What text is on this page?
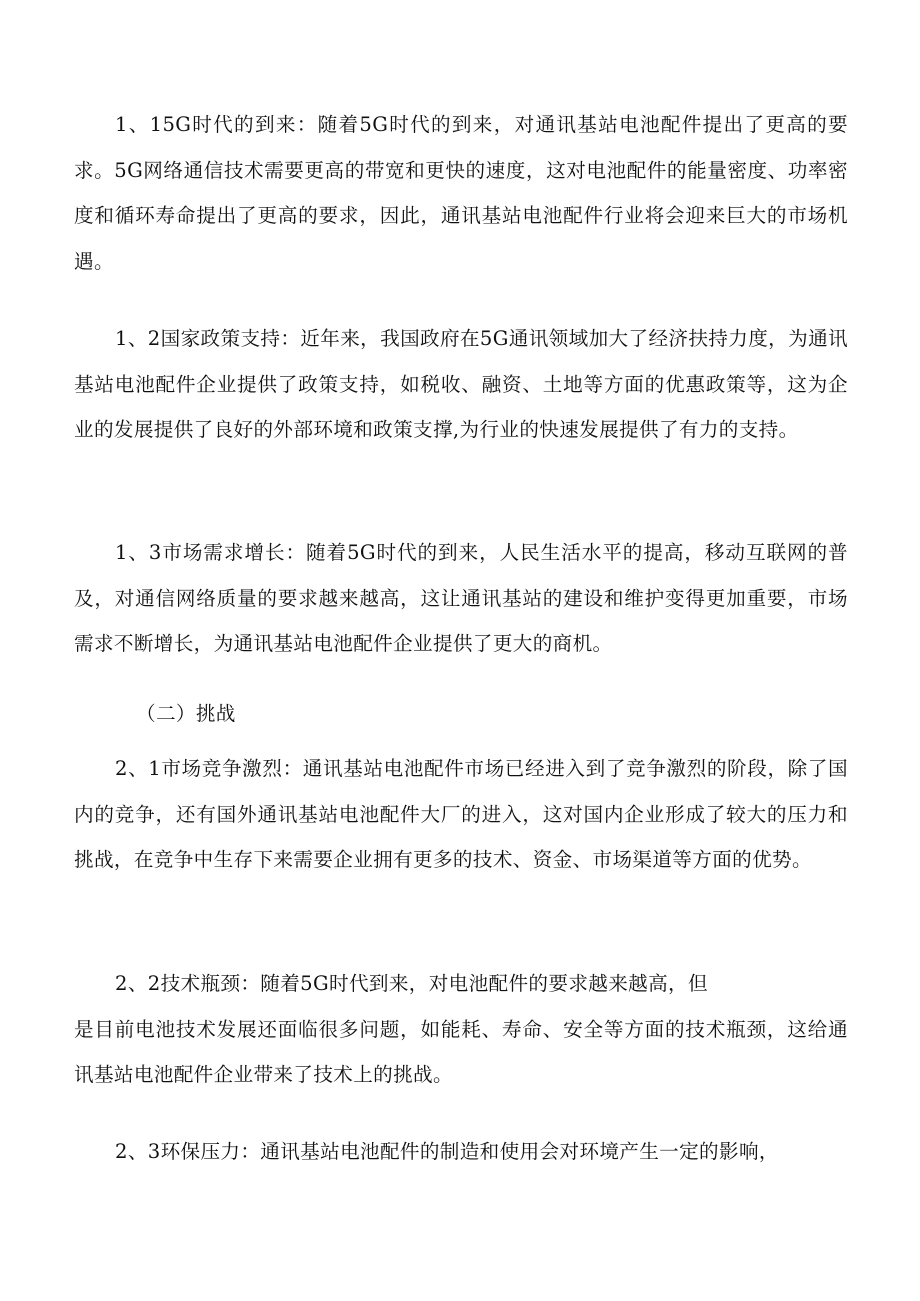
1、15G时代的到来：随着5G时代的到来，对通讯基站电池配件提出了更高的要求。5G网络通信技术需要更高的带宽和更快的速度，这对电池配件的能量密度、功率密度和循环寿命提出了更高的要求，因此，通讯基站电池配件行业将会迎来巨大的市场机遇。

1、2国家政策支持：近年来，我国政府在5G通讯领域加大了经济扶持力度，为通讯基站电池配件企业提供了政策支持，如税收、融资、土地等方面的优惠政策等，这为企业的发展提供了良好的外部环境和政策支撑,为行业的快速发展提供了有力的支持。

1、3市场需求增长：随着5G时代的到来，人民生活水平的提高，移动互联网的普及，对通信网络质量的要求越来越高，这让通讯基站的建设和维护变得更加重要，市场需求不断增长，为通讯基站电池配件企业提供了更大的商机。

（二）挑战

2、1市场竞争激烈：通讯基站电池配件市场已经进入到了竞争激烈的阶段，除了国内的竞争，还有国外通讯基站电池配件大厂的进入，这对国内企业形成了较大的压力和挑战，在竞争中生存下来需要企业拥有更多的技术、资金、市场渠道等方面的优势。

2、2技术瓶颈：随着5G时代到来，对电池配件的要求越来越高，但
是目前电池技术发展还面临很多问题，如能耗、寿命、安全等方面的技术瓶颈，这给通讯基站电池配件企业带来了技术上的挑战。

2、3环保压力：通讯基站电池配件的制造和使用会对环境产生一定的影响，
